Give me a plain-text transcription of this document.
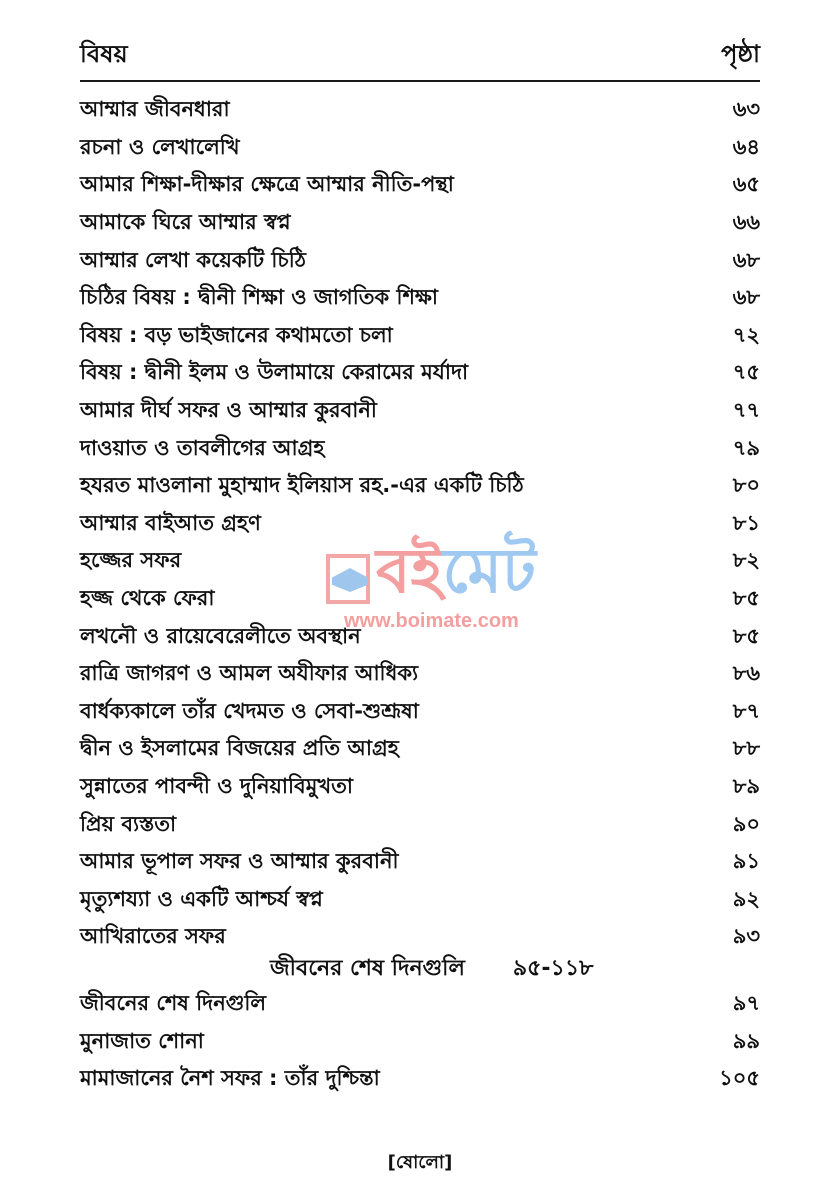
বিষয়	পৃষ্ঠা
আম্মার জীবনধারা	৬৩
রচনা ও লেখালেখি	৬৪
আমার শিক্ষা-দীক্ষার ক্ষেত্রে আম্মার নীতি-পন্থা	৬৫
আমাকে ঘিরে আম্মার স্বপ্ন	৬৬
আম্মার লেখা কয়েকটি চিঠি	৬৮
চিঠির বিষয় : দ্বীনী শিক্ষা ও জাগতিক শিক্ষা	৬৮
বিষয় : বড় ভাইজানের কথামতো চলা	৭২
বিষয় : দ্বীনী ইলম ও উলামায়ে কেরামের মর্যাদা	৭৫
আমার দীর্ঘ সফর ও আম্মার কুরবানী	৭৭
দাওয়াত ও তাবলীগের আগ্রহ	৭৯
হযরত মাওলানা মুহাম্মাদ ইলিয়াস রহ.-এর একটি চিঠি	৮০
আম্মার বাইআত গ্রহণ	৮১
হজ্জের সফর	৮২
হজ্জ থেকে ফেরা	৮৫
লখনৌ ও রায়েবেরেলীতে অবস্থান	৮৫
রাত্রি জাগরণ ও আমল অযীফার আধিক্য	৮৬
বার্ধক্যকালে তাঁর খেদমত ও সেবা-শুশ্রূষা	৮৭
দ্বীন ও ইসলামের বিজয়ের প্রতি আগ্রহ	৮৮
সুন্নাতের পাবন্দী ও দুনিয়াবিমুখতা	৮৯
প্রিয় ব্যস্ততা	৯০
আমার ভূপাল সফর ও আম্মার কুরবানী	৯১
মৃত্যুশয্যা ও একটি আশ্চর্য স্বপ্ন	৯২
আখিরাতের সফর	৯৩
জীবনের শেষ দিনগুলি ৯৫-১১৮
জীবনের শেষ দিনগুলি	৯৭
মুনাজাত শোনা	৯৯
মামাজানের নৈশ সফর : তাঁর দুশ্চিন্তা	১০৫
[ষোলো]
বইমেট
www.boimate.com
